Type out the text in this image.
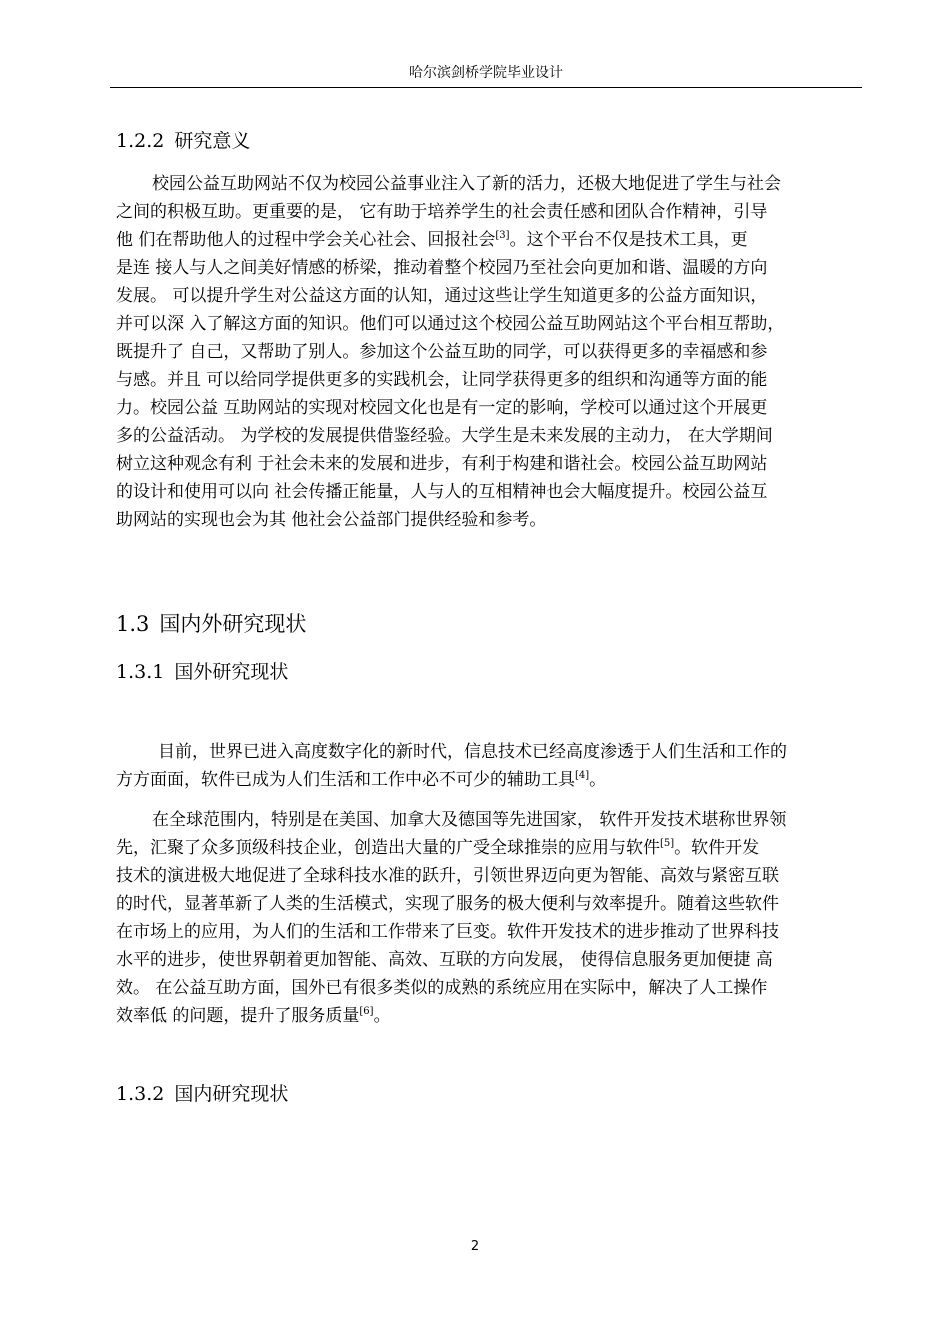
哈尔滨剑桥学院毕业设计
1.2.2 研究意义
校园公益互助网站不仅为校园公益事业注入了新的活力，还极大地促进了学生与社会
之间的积极互助。更重要的是， 它有助于培养学生的社会责任感和团队合作精神，引导
他 们在帮助他人的过程中学会关心社会、回报社会[3]。这个平台不仅是技术工具，更
是连 接人与人之间美好情感的桥梁，推动着整个校园乃至社会向更加和谐、温暖的方向
发展。 可以提升学生对公益这方面的认知，通过这些让学生知道更多的公益方面知识，
并可以深 入了解这方面的知识。他们可以通过这个校园公益互助网站这个平台相互帮助，
既提升了 自己，又帮助了别人。参加这个公益互助的同学，可以获得更多的幸福感和参
与感。并且 可以给同学提供更多的实践机会，让同学获得更多的组织和沟通等方面的能
力。校园公益 互助网站的实现对校园文化也是有一定的影响，学校可以通过这个开展更
多的公益活动。 为学校的发展提供借鉴经验。大学生是未来发展的主动力， 在大学期间
树立这种观念有利 于社会未来的发展和进步，有利于构建和谐社会。校园公益互助网站
的设计和使用可以向 社会传播正能量，人与人的互相精神也会大幅度提升。校园公益互
助网站的实现也会为其 他社会公益部门提供经验和参考。
1.3 国内外研究现状
1.3.1 国外研究现状
目前，世界已进入高度数字化的新时代，信息技术已经高度渗透于人们生活和工作的
方方面面，软件已成为人们生活和工作中必不可少的辅助工具[4]。
在全球范围内，特别是在美国、加拿大及德国等先进国家， 软件开发技术堪称世界领
先，汇聚了众多顶级科技企业，创造出大量的广受全球推崇的应用与软件[5]。软件开发
技术的演进极大地促进了全球科技水准的跃升，引领世界迈向更为智能、高效与紧密互联
的时代，显著革新了人类的生活模式，实现了服务的极大便利与效率提升。随着这些软件
在市场上的应用，为人们的生活和工作带来了巨变。软件开发技术的进步推动了世界科技
水平的进步，使世界朝着更加智能、高效、互联的方向发展， 使得信息服务更加便捷 高
效。 在公益互助方面，国外已有很多类似的成熟的系统应用在实际中，解决了人工操作
效率低 的问题，提升了服务质量[6]。
1.3.2 国内研究现状
2
